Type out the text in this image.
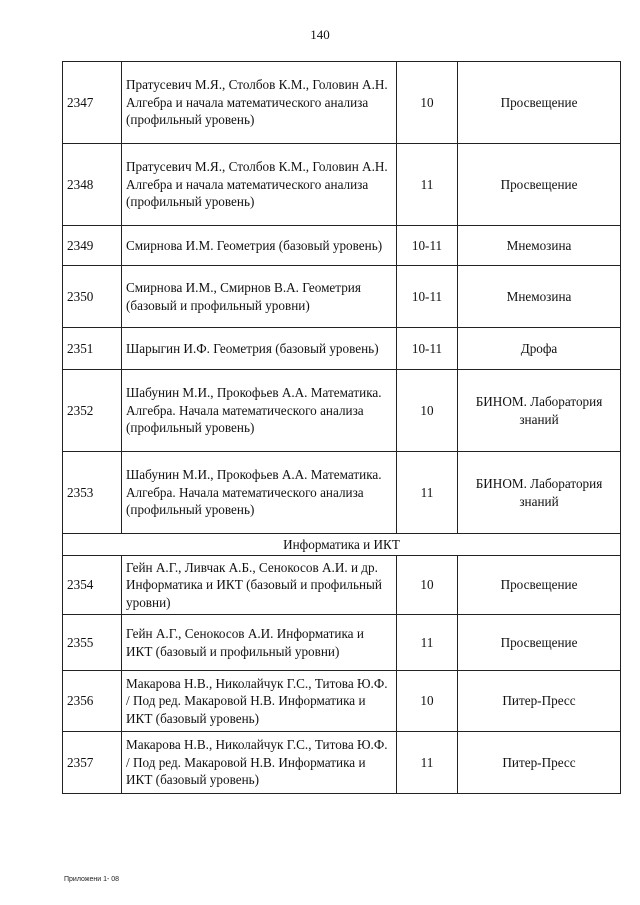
140
2347	Пратусевич М.Я., Столбов К.М., Головин А.Н. Алгебра и начала математического анализа (профильный уровень)	10	Просвещение
2348	Пратусевич М.Я., Столбов К.М., Головин А.Н. Алгебра и начала математического анализа (профильный уровень)	11	Просвещение
2349	Смирнова И.М. Геометрия (базовый уровень)	10-11	Мнемозина
2350	Смирнова И.М., Смирнов В.А. Геометрия (базовый и профильный уровни)	10-11	Мнемозина
2351	Шарыгин И.Ф. Геометрия (базовый уровень)	10-11	Дрофа
2352	Шабунин М.И., Прокофьев А.А. Математика. Алгебра. Начала математического анализа (профильный уровень)	10	БИНОМ. Лаборатория знаний
2353	Шабунин М.И., Прокофьев А.А. Математика. Алгебра. Начала математического анализа (профильный уровень)	11	БИНОМ. Лаборатория знаний
Информатика и ИКТ			
2354	Гейн А.Г., Ливчак А.Б., Сенокосов А.И. и др. Информатика и ИКТ (базовый и профильный уровни)	10	Просвещение
2355	Гейн А.Г., Сенокосов А.И. Информатика и ИКТ (базовый и профильный уровни)	11	Просвещение
2356	Макарова Н.В., Николайчук Г.С., Титова Ю.Ф. / Под ред. Макаровой Н.В. Информатика и ИКТ (базовый уровень)	10	Питер-Пресс
2357	Макарова Н.В., Николайчук Г.С., Титова Ю.Ф. / Под ред. Макаровой Н.В. Информатика и ИКТ (базовый уровень)	11	Питер-Пресс
Приложени 1- 08
